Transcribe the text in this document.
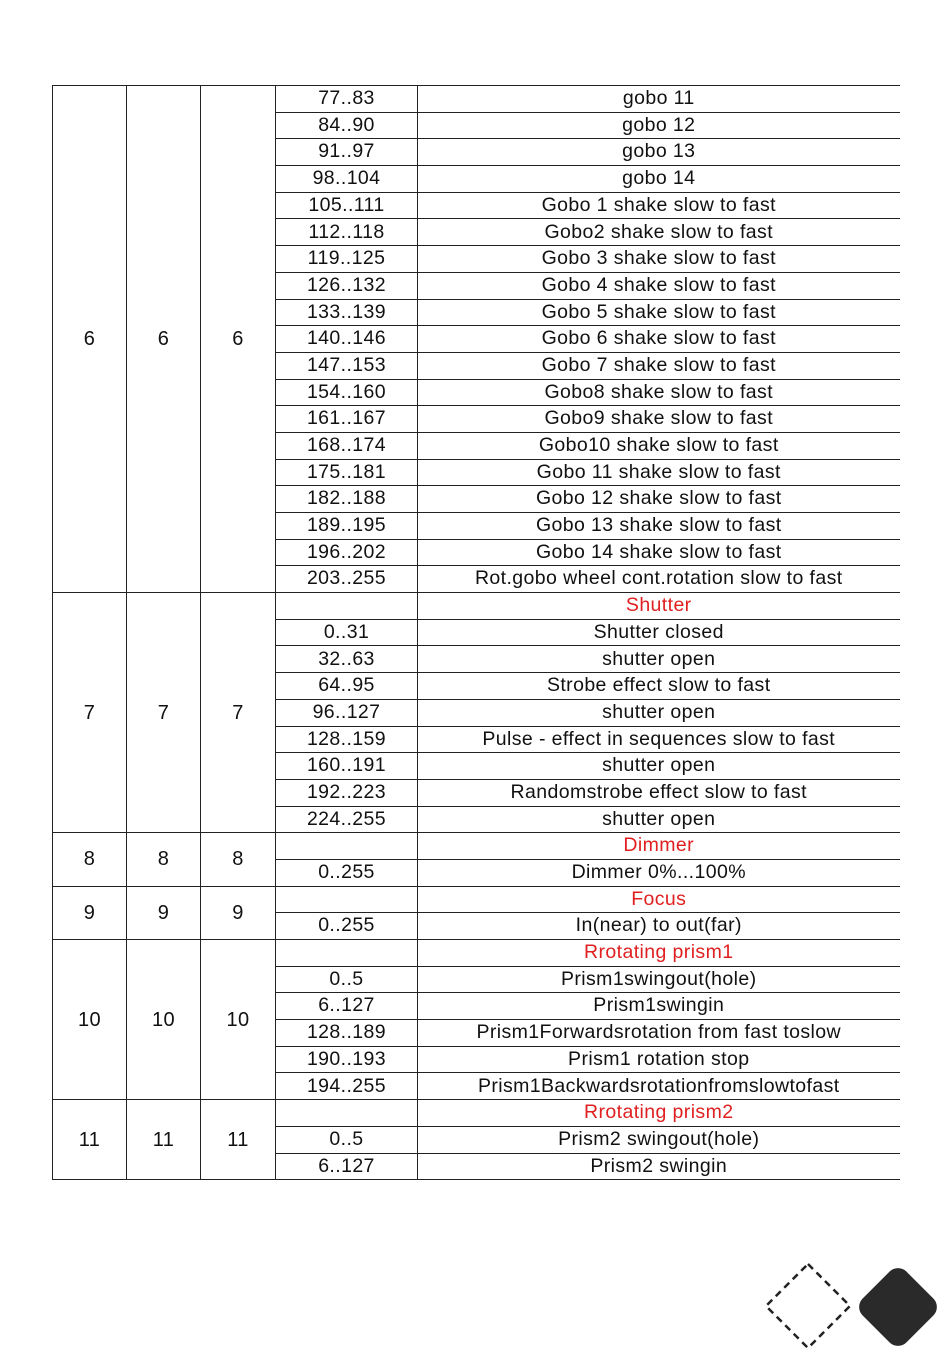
6	6	6	77..83	gobo 11
			84..90	gobo 12
			91..97	gobo 13
			98..104	gobo 14
			105..111	Gobo 1 shake slow to fast
			112..118	Gobo2 shake slow to fast
			119..125	Gobo 3 shake slow to fast
			126..132	Gobo 4 shake slow to fast
			133..139	Gobo 5 shake slow to fast
			140..146	Gobo 6 shake slow to fast
			147..153	Gobo 7 shake slow to fast
			154..160	Gobo8 shake slow to fast
			161..167	Gobo9 shake slow to fast
			168..174	Gobo10 shake slow to fast
			175..181	Gobo 11 shake slow to fast
			182..188	Gobo 12 shake slow to fast
			189..195	Gobo 13 shake slow to fast
			196..202	Gobo 14 shake slow to fast
			203..255	Rot.gobo wheel cont.rotation slow to fast
7	7	7		Shutter
			0..31	Shutter closed
			32..63	shutter open
			64..95	Strobe effect slow to fast
			96..127	shutter open
			128..159	Pulse - effect in sequences slow to fast
			160..191	shutter open
			192..223	Randomstrobe effect slow to fast
			224..255	shutter open
8	8	8		Dimmer
			0..255	Dimmer 0%...100%
9	9	9		Focus
			0..255	In(near) to out(far)
10	10	10		Rrotating prism1
			0..5	Prism1swingout(hole)
			6..127	Prism1swingin
			128..189	Prism1Forwardsrotation from fast toslow
			190..193	Prism1 rotation stop
			194..255	Prism1Backwardsrotationfromslowtofast
11	11	11		Rrotating prism2
			0..5	Prism2 swingout(hole)
			6..127	Prism2 swingin
